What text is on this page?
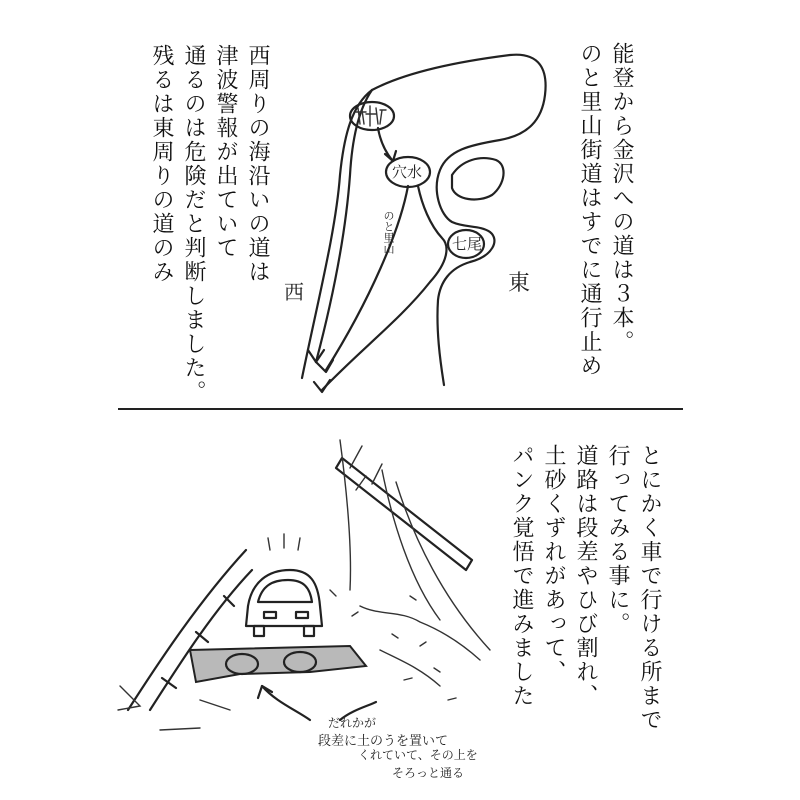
穴水
のと里山	七尾
西	東	能登から金沢への道は３本。
のと里山街道はすでに通行止め
西周りの海沿いの道は
津波警報が出ていて
通るのは危険だと判断しました。
残るは東周りの道のみ
だれかが
段差に土のうを置いて
くれていて、その上を
そろっと通る
とにかく車で行ける所まで
行ってみる事に。
道路は段差やひび割れ、
土砂くずれがあって、
パンク覚悟で進みました
